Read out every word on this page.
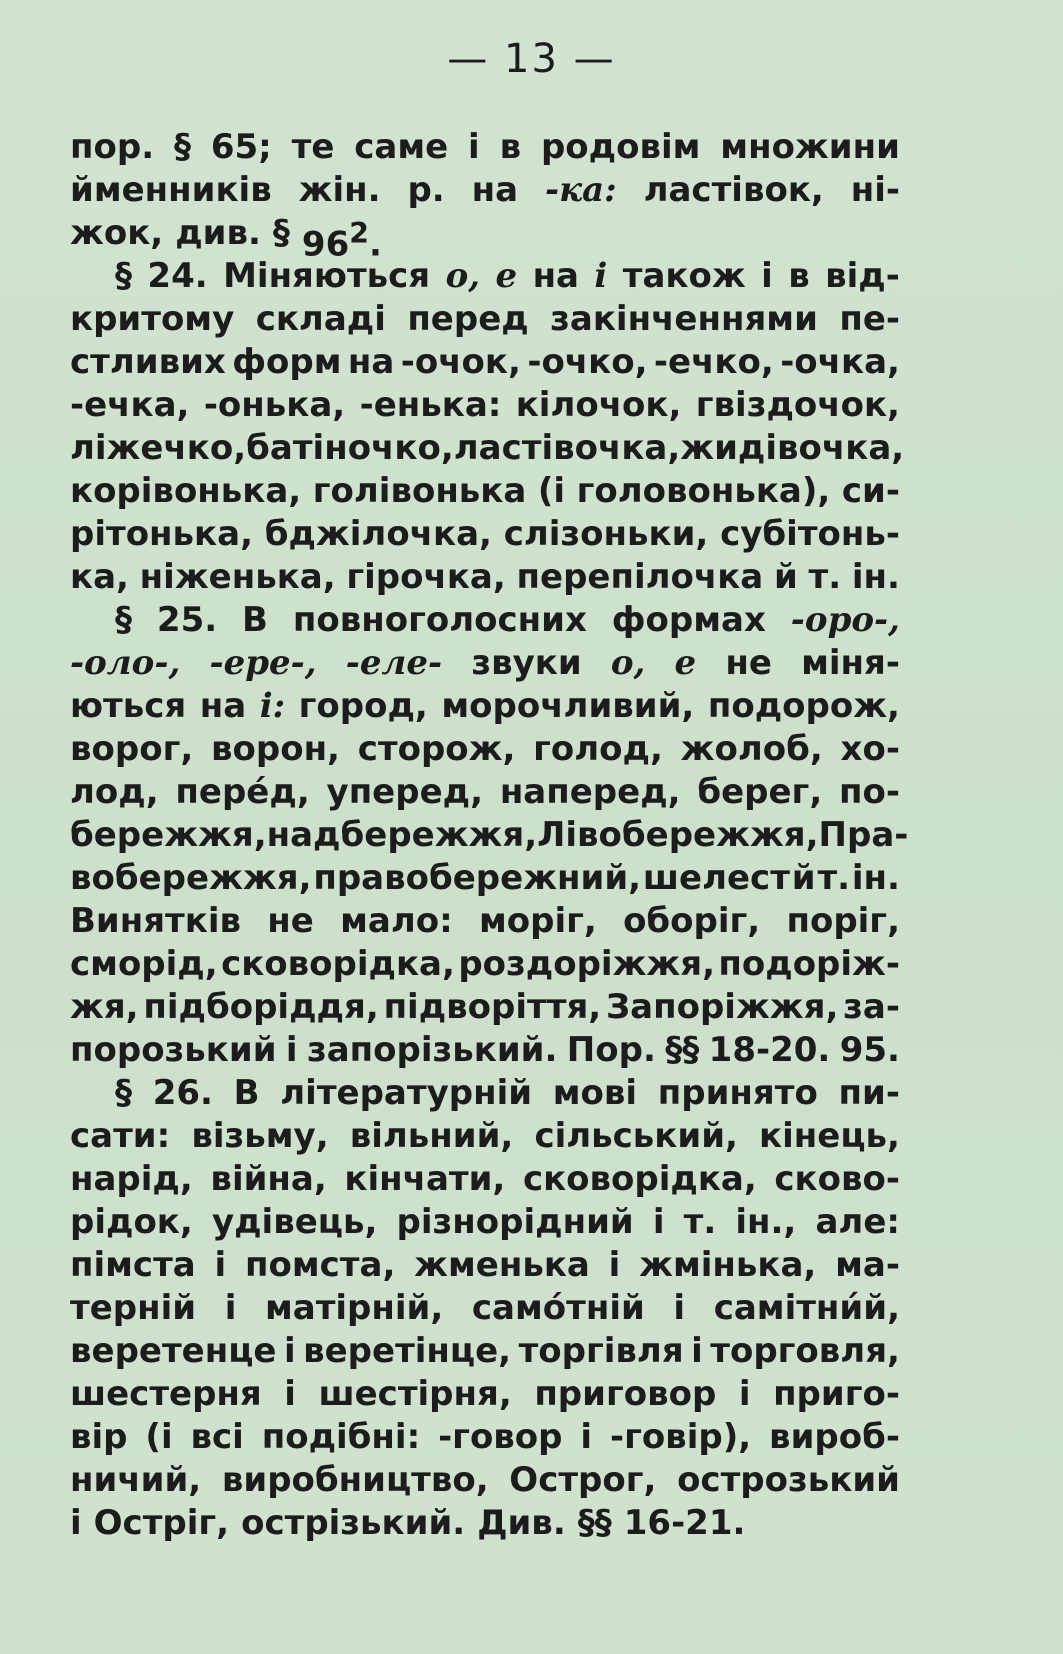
— 13 —
пор. § 65; те саме і в родовім множини
йменників жін. р. на -ка: ластівок, ні-
жок, див. § $96^2$.
§ 24. Міняються о, е на і також і в від-
критому складі перед закінченнями пе-
стливих форм на -очок, -очко, -ечко, -очка,
-ечка, -онька, -енька: кілочок, гвіздочок,
ліжечко, батіночко, ластівочка, жидівочка,
корівонька, голівонька (і головонька), си-
рітонька, бджілочка, слізоньки, субітонь-
ка, ніженька, гірочка, перепілочка й т. ін.
§ 25. В повноголосних формах -оро-,
-оло-, -ере-, -еле- звуки о, е не міня-
ються на і: город, морочливий, подорож,
ворог, ворон, сторож, голод, жолоб, хо-
лод, перéд, уперед, наперед, берег, по-
бережжя, надбережжя, Лівобережжя, Пра-
вобережжя, правобережний, шелест й т. ін.
Винятків не мало: моріг, оборіг, поріг,
сморід, сковорідка, роздоріжжя, подоріж-
жя, підборіддя, підворіття, Запоріжжя, за-
порозький і запорізький. Пор. §§ 18-20. 95.
§ 26. В літературній мові принято пи-
сати: візьму, вільний, сільський, кінець,
нарід, війна, кінчати, сковорідка, сково-
рідок, удівець, різнорідний і т. ін., але:
пімста і помста, жменька і жмінька, ма-
терній і матірній, самóтній і самітни́й,
веретенце і веретінце, торгівля і торговля,
шестерня і шестірня, приговор і приго-
вір (і всі подібні: -говор і -говір), вироб-
ничий, виробництво, Острог, острозький
і Остріг, острізький. Див. §§ 16-21.
